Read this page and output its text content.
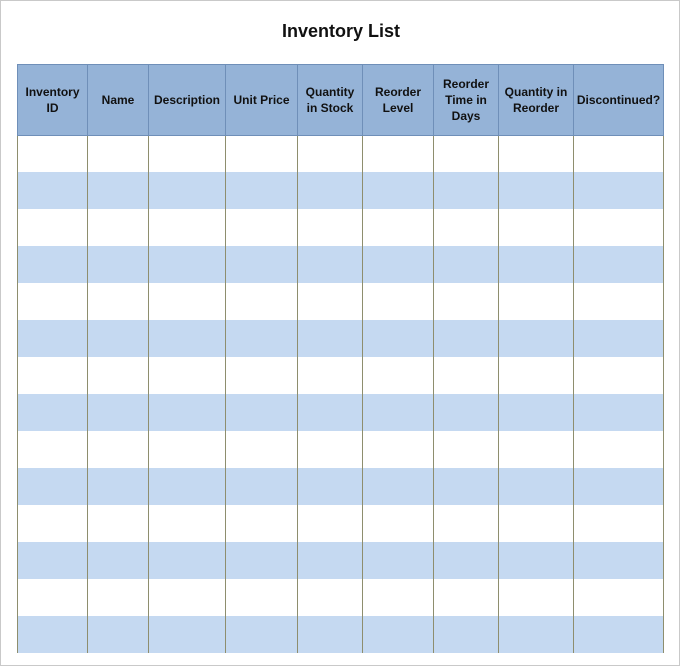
Inventory List
Inventory ID	Name	Description	Unit Price	Quantity in Stock	Reorder Level	Reorder Time in Days	Quantity in Reorder	Discontinued?
